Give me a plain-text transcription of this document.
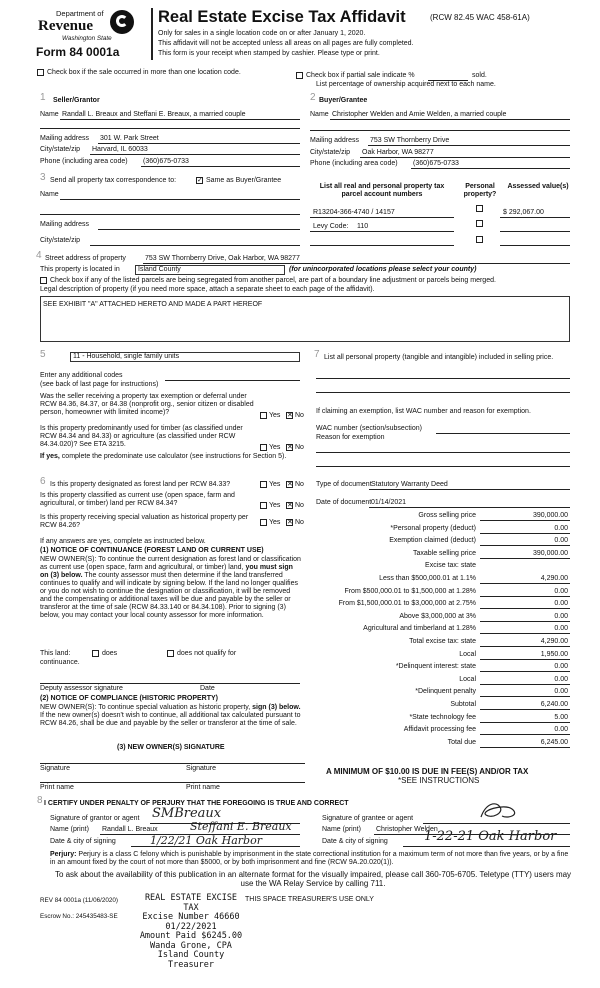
Department of
Revenue
Washington State
Form 84 0001a
Real Estate Excise Tax Affidavit	(RCW 82.45 WAC 458-61A)
Only for sales in a single location code on or after January 1, 2020.
This affidavit will not be accepted unless all areas on all pages are fully completed.
This form is your receipt when stamped by cashier. Please type or print.
Check box if the sale occurred in more than one location code.	Check box if partial sale indicate %	sold.
List percentage of ownership acquired next to each name.
1 Seller/Grantor
Name Randall L. Breaux and Steffani E. Breaux, a married couple
Mailing address 301 W. Park Street
City/state/zip Harvard, IL 60033
Phone (including area code) (360)675-0733
2 Buyer/Grantee
Name Christopher Welden and Amie Welden, a married couple
Mailing address 753 SW Thornberry Drive
City/state/zip Oak Harbor, WA 98277
Phone (including area code) (360)675-0733
3 Send all property tax correspondence to:	✓ Same as Buyer/Grantee
Name
Mailing address
City/state/zip
List all real and personal property tax parcel account numbers
Personal property?
Assessed value(s)
R13204-366-4740 / 14157	$ 292,067.00
Levy Code: 110
4 Street address of property	753 SW Thornberry Drive, Oak Harbor, WA 98277
This property is located in	Island County	(for unincorporated locations please select your county)
Check box if any of the listed parcels are being segregated from another parcel, are part of a boundary line adjustment or parcels being merged.
Legal description of property (if you need more space, attach a separate sheet to each page of the affidavit).
SEE EXHIBIT "A" ATTACHED HERETO AND MADE A PART HEREOF
5	11 - Household, single family units
Enter any additional codes
(see back of last page for instructions)
Was the seller receiving a property tax exemption or deferral under RCW 84.36, 84.37, or 84.38 (nonprofit org., senior citizen or disabled person, homeowner with limited income)?	Yes ✕ No
Is this property predominantly used for timber (as classified under RCW 84.34 and 84.33) or agriculture (as classified under RCW 84.34.020)? See ETA 3215.	Yes ✕ No
If yes, complete the predominate use calculator (see instructions for Section 5).
6 Is this property designated as forest land per RCW 84.33?	Yes ✕ No
Is this property classified as current use (open space, farm and agricultural, or timber) land per RCW 84.34?	Yes ✕ No
Is this property receiving special valuation as historical property per RCW 84.26?	Yes ✕ No
If any answers are yes, complete as instructed below.
(1) NOTICE OF CONTINUANCE (FOREST LAND OR CURRENT USE)
NEW OWNER(S): To continue the current designation as forest land or classification as current use (open space, farm and agricultural, or timber) land, you must sign on (3) below. The county assessor must then determine if the land transferred continues to qualify and will indicate by signing below. If the land no longer qualifies or you do not wish to continue the designation or classification, it will be removed and the compensating or additional taxes will be due and payable by the seller or transferor at the time of sale (RCW 84.33.140 or 84.34.108). Prior to signing (3) below, you may contact your local county assessor for more information.
This land:	does	does not qualify for
continuance.
Deputy assessor signature	Date
(2) NOTICE OF COMPLIANCE (HISTORIC PROPERTY)
NEW OWNER(S): To continue special valuation as historic property, sign (3) below. If the new owner(s) doesn't wish to continue, all additional tax calculated pursuant to RCW 84.26, shall be due and payable by the seller or transferor at the time of sale.
(3) NEW OWNER(S) SIGNATURE
Signature	Signature
Print name	Print name
7 List all personal property (tangible and intangible) included in selling price.
If claiming an exemption, list WAC number and reason for exemption.
WAC number (section/subsection)
Reason for exemption
Type of document Statutory Warranty Deed
Date of document 01/14/2021
Gross selling price	390,000.00
*Personal property (deduct)	0.00
Exemption claimed (deduct)	0.00
Taxable selling price	390,000.00
Excise tax: state
Less than $500,000.01 at 1.1%	4,290.00
From $500,000.01 to $1,500,000 at 1.28%	0.00
From $1,500,000.01 to $3,000,000 at 2.75%	0.00
Above $3,000,000 at 3%	0.00
Agricultural and timberland at 1.28%	0.00
Total excise tax: state	4,290.00
Local	1,950.00
*Delinquent interest: state	0.00
Local	0.00
*Delinquent penalty	0.00
Subtotal	6,240.00
*State technology fee	5.00
Affidavit processing fee	0.00
Total due	6,245.00
A MINIMUM OF $10.00 IS DUE IN FEE(S) AND/OR TAX
*SEE INSTRUCTIONS
8 I CERTIFY UNDER PENALTY OF PERJURY THAT THE FOREGOING IS TRUE AND CORRECT
Signature of grantor or agent
Name (print) Randall L. Breaux
Date & city of signing
Signature of grantee or agent
Name (print) Christopher Welden
Date & city of signing
SMBreaux
Steffani E. Breaux
1/22/21 Oak Harbor	1-22-21 Oak Harbor
Perjury: Perjury is a class C felony which is punishable by imprisonment in the state correctional institution for a maximum term of not more than five years, or by a fine in an amount fixed by the court of not more than $5000, or by both imprisonment and fine (RCW 9A.20.020(1)).
To ask about the availability of this publication in an alternate format for the visually impaired, please call 360-705-6705. Teletype (TTY) users may use the WA Relay Service by calling 711.
REV 84 0001a (11/06/2020)
Escrow No.: 245435483-SE
THIS SPACE TREASURER'S USE ONLY
REAL ESTATE EXCISE TAX
Excise Number 46660
01/22/2021
Amount Paid $6245.00
Wanda Grone, CPA
Island County Treasurer
